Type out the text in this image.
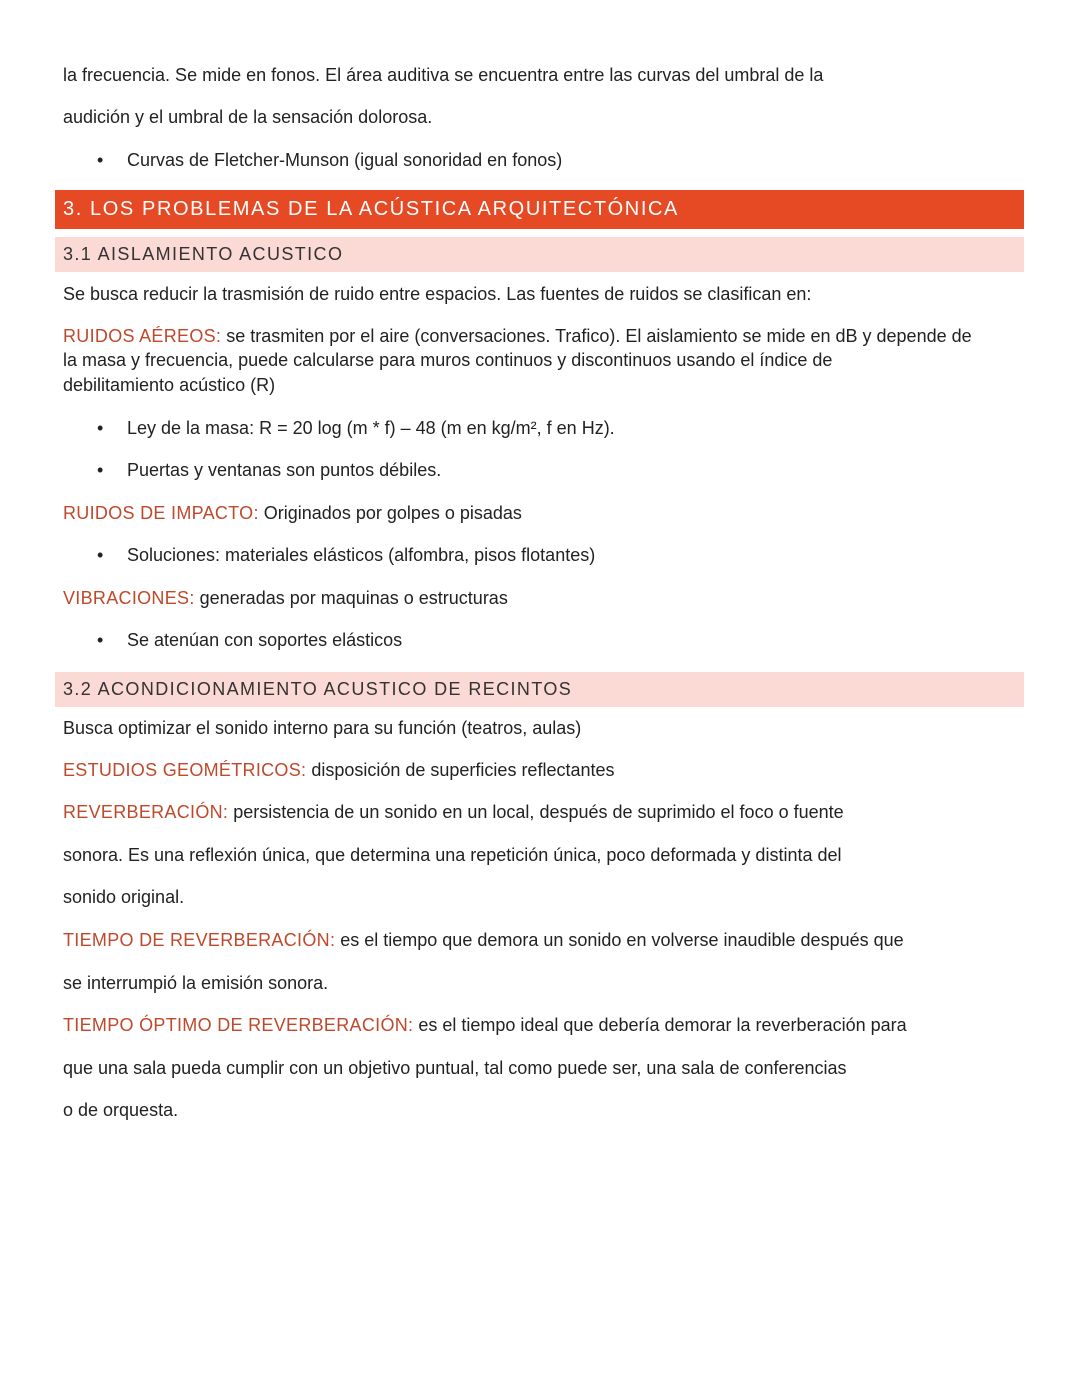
la frecuencia. Se mide en fonos. El área auditiva se encuentra entre las curvas del umbral de la
audición y el umbral de la sensación dolorosa.
• Curvas de Fletcher-Munson (igual sonoridad en fonos)
3. LOS PROBLEMAS DE LA ACÚSTICA ARQUITECTÓNICA
3.1 AISLAMIENTO ACUSTICO
Se busca reducir la trasmisión de ruido entre espacios. Las fuentes de ruidos se clasifican en:
RUIDOS AÉREOS: se trasmiten por el aire (conversaciones. Trafico). El aislamiento se mide en dB y depende de
la masa y frecuencia, puede calcularse para muros continuos y discontinuos usando el índice de
debilitamiento acústico (R)
• Ley de la masa: R = 20 log (m * f) – 48 (m en kg/m², f en Hz).
• Puertas y ventanas son puntos débiles.
RUIDOS DE IMPACTO: Originados por golpes o pisadas
• Soluciones: materiales elásticos (alfombra, pisos flotantes)
VIBRACIONES: generadas por maquinas o estructuras
• Se atenúan con soportes elásticos
3.2 ACONDICIONAMIENTO ACUSTICO DE RECINTOS
Busca optimizar el sonido interno para su función (teatros, aulas)
ESTUDIOS GEOMÉTRICOS: disposición de superficies reflectantes
REVERBERACIÓN: persistencia de un sonido en un local, después de suprimido el foco o fuente
sonora. Es una reflexión única, que determina una repetición única, poco deformada y distinta del
sonido original.
TIEMPO DE REVERBERACIÓN: es el tiempo que demora un sonido en volverse inaudible después que
se interrumpió la emisión sonora.
TIEMPO ÓPTIMO DE REVERBERACIÓN: es el tiempo ideal que debería demorar la reverberación para
que una sala pueda cumplir con un objetivo puntual, tal como puede ser, una sala de conferencias
o de orquesta.
